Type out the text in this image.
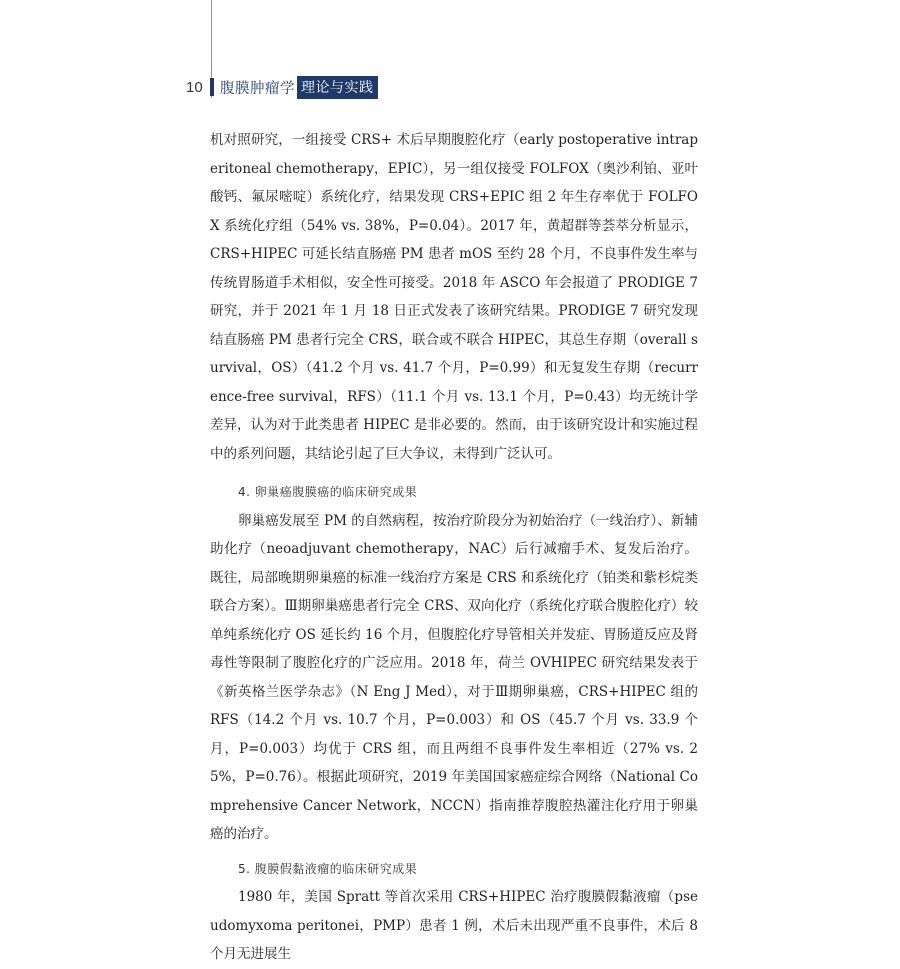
10	腹膜肿瘤学 理论与实践

机对照研究，一组接受 CRS+ 术后早期腹腔化疗（early postoperative intraperitoneal chemotherapy，EPIC），另一组仅接受 FOLFOX（奥沙利铂、亚叶酸钙、氟尿嘧啶）系统化疗，结果发现 CRS+EPIC 组 2 年生存率优于 FOLFOX 系统化疗组（54% vs. 38%，P=0.04）。2017 年，黄超群等荟萃分析显示，CRS+HIPEC 可延长结直肠癌 PM 患者 mOS 至约 28 个月，不良事件发生率与传统胃肠道手术相似，安全性可接受。2018 年 ASCO 年会报道了 PRODIGE 7 研究，并于 2021 年 1 月 18 日正式发表了该研究结果。PRODIGE 7 研究发现结直肠癌 PM 患者行完全 CRS，联合或不联合 HIPEC，其总生存期（overall survival，OS）（41.2 个月 vs. 41.7 个月，P=0.99）和无复发生存期（recurrence-free survival，RFS）（11.1 个月 vs. 13.1 个月，P=0.43）均无统计学差异，认为对于此类患者 HIPEC 是非必要的。然而，由于该研究设计和实施过程中的系列问题，其结论引起了巨大争议，未得到广泛认可。

4. 卵巢癌腹膜癌的临床研究成果

卵巢癌发展至 PM 的自然病程，按治疗阶段分为初始治疗（一线治疗）、新辅助化疗（neoadjuvant chemotherapy，NAC）后行减瘤手术、复发后治疗。既往，局部晚期卵巢癌的标准一线治疗方案是 CRS 和系统化疗（铂类和紫杉烷类联合方案）。Ⅲ期卵巢癌患者行完全 CRS、双向化疗（系统化疗联合腹腔化疗）较单纯系统化疗 OS 延长约 16 个月，但腹腔化疗导管相关并发症、胃肠道反应及肾毒性等限制了腹腔化疗的广泛应用。2018 年，荷兰 OVHIPEC 研究结果发表于《新英格兰医学杂志》（N Eng J Med），对于Ⅲ期卵巢癌，CRS+HIPEC 组的 RFS（14.2 个月 vs. 10.7 个月，P=0.003）和 OS（45.7 个月 vs. 33.9 个月，P=0.003）均优于 CRS 组，而且两组不良事件发生率相近（27% vs. 25%，P=0.76）。根据此项研究，2019 年美国国家癌症综合网络（National Comprehensive Cancer Network，NCCN）指南推荐腹腔热灌注化疗用于卵巢癌的治疗。

5. 腹膜假黏液瘤的临床研究成果

1980 年，美国 Spratt 等首次采用 CRS+HIPEC 治疗腹膜假黏液瘤（pseudomyxoma peritonei，PMP）患者 1 例，术后未出现严重不良事件，术后 8 个月无进展生
